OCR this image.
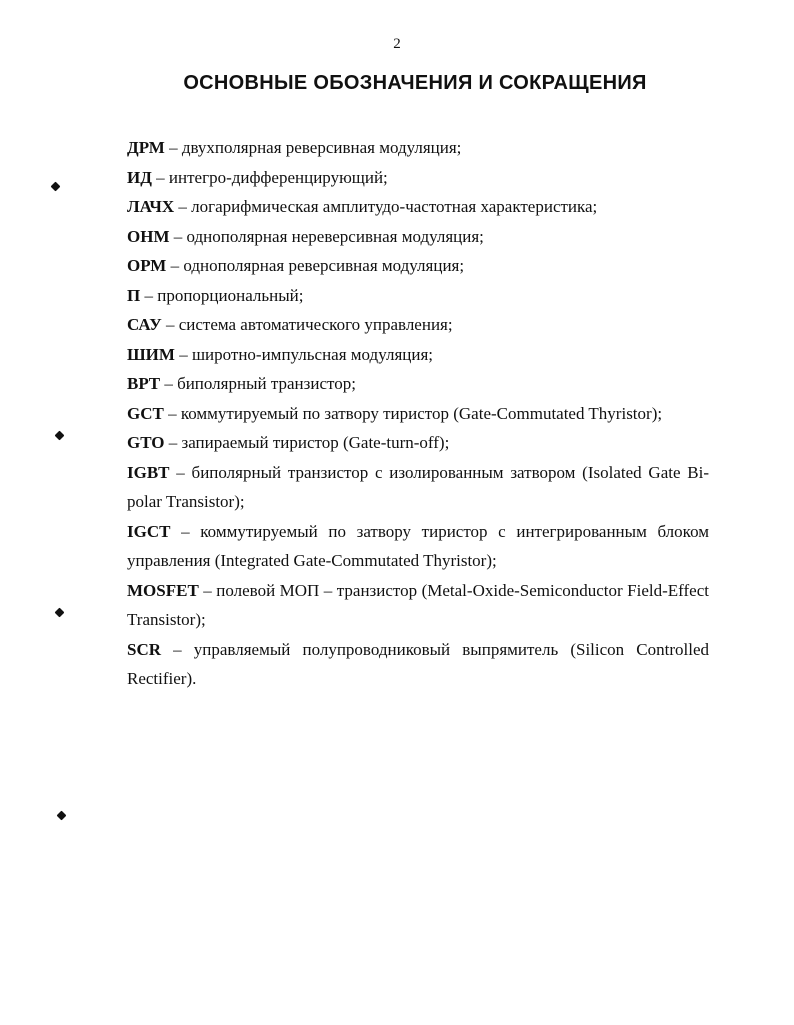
2
ОСНОВНЫЕ ОБОЗНАЧЕНИЯ И СОКРАЩЕНИЯ
ДРМ – двухполярная реверсивная модуляция;
ИД – интегро-дифференцирующий;
ЛАЧХ – логарифмическая амплитудо-частотная характеристика;
ОНМ – однополярная нереверсивная модуляция;
ОРМ – однополярная реверсивная модуляция;
П – пропорциональный;
САУ – система автоматического управления;
ШИМ – широтно-импульсная модуляция;
BPT – биполярный транзистор;
GCT – коммутируемый по затвору тиристор (Gate-Commutated Thyristor);
GTO – запираемый тиристор (Gate-turn-off);
IGBT – биполярный транзистор с изолированным затвором (Isolated Gate Bi-polar Transistor);
IGCT – коммутируемый по затвору тиристор с интегрированным блоком управления (Integrated Gate-Commutated Thyristor);
MOSFET – полевой МОП – транзистор (Metal-Oxide-Semiconductor Field-Effect Transistor);
SCR – управляемый полупроводниковый выпрямитель (Silicon Controlled Rectifier).
